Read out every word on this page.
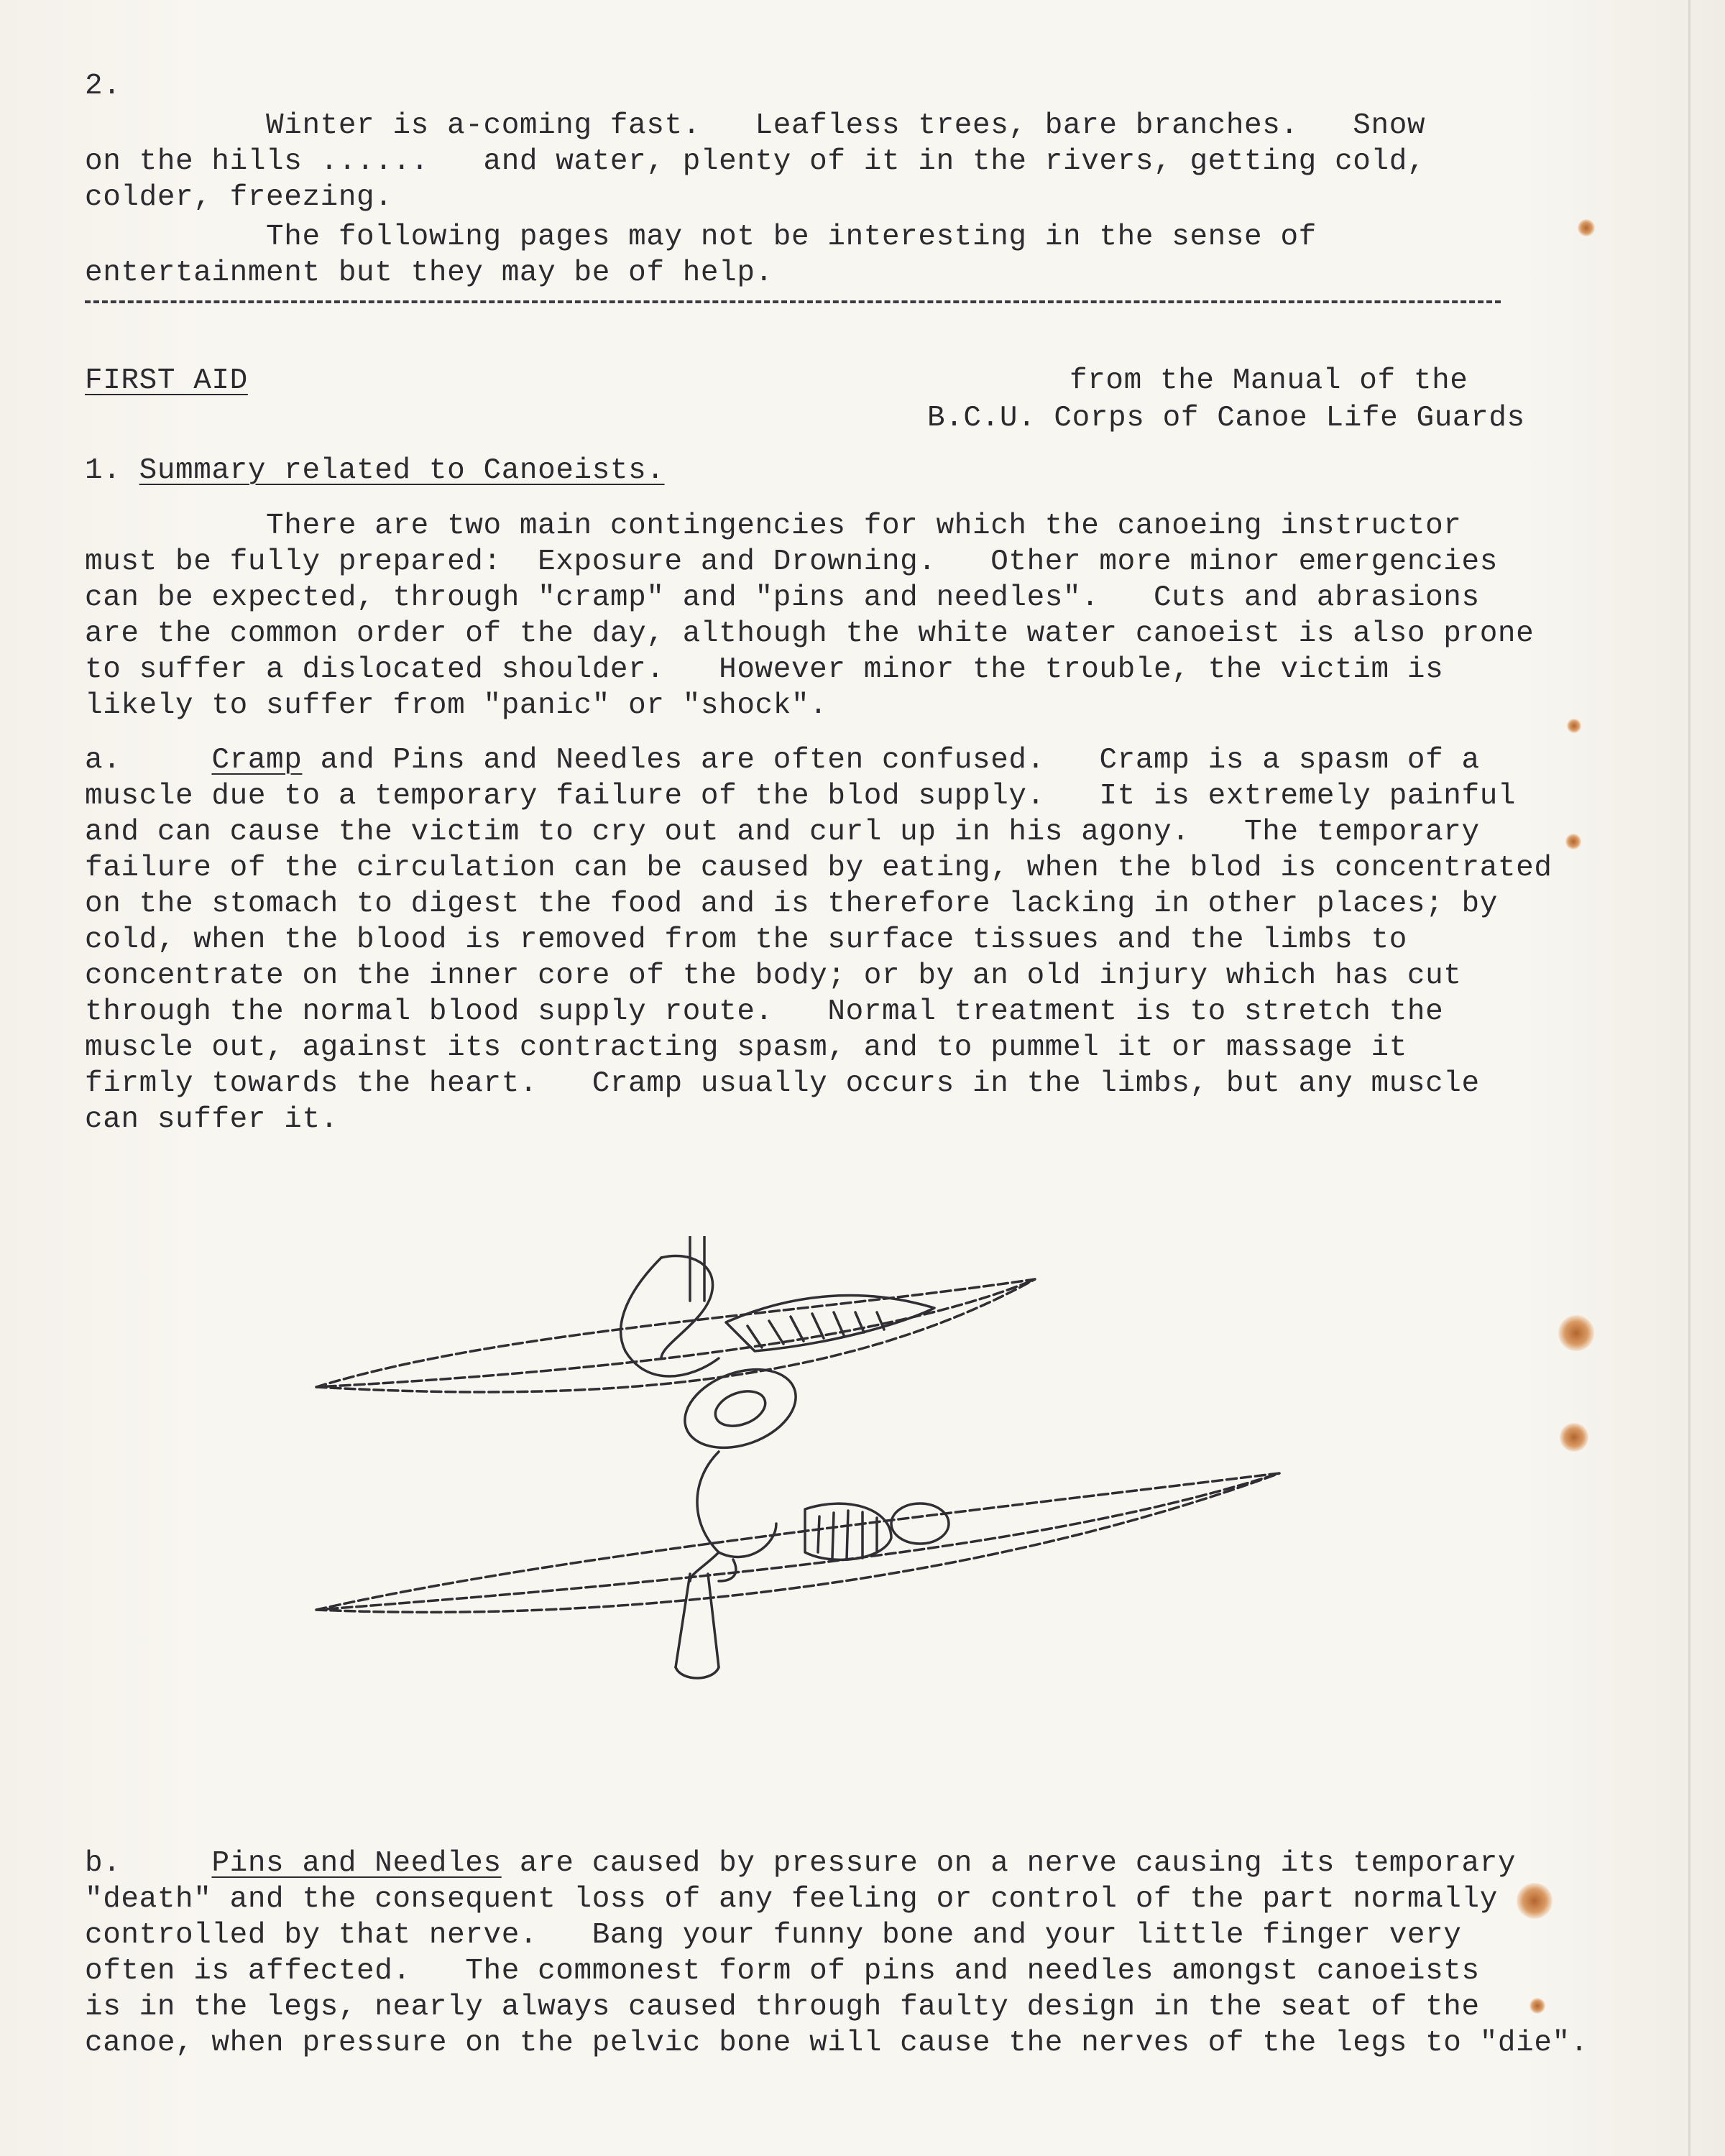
2.
Winter is a-coming fast.   Leafless trees, bare branches.   Snow
on the hills ......   and water, plenty of it in the rivers, getting cold,
colder, freezing.
The following pages may not be interesting in the sense of
entertainment but they may be of help.
FIRST AID	from the Manual of the
B.C.U. Corps of Canoe Life Guards
1. Summary related to Canoeists.
There are two main contingencies for which the canoeing instructor
must be fully prepared:  Exposure and Drowning.   Other more minor emergencies
can be expected, through "cramp" and "pins and needles".   Cuts and abrasions
are the common order of the day, although the white water canoeist is also prone
to suffer a dislocated shoulder.   However minor the trouble, the victim is
likely to suffer from "panic" or "shock".
a.     Cramp and Pins and Needles are often confused.   Cramp is a spasm of a
muscle due to a temporary failure of the blod supply.   It is extremely painful
and can cause the victim to cry out and curl up in his agony.   The temporary
failure of the circulation can be caused by eating, when the blod is concentrated
on the stomach to digest the food and is therefore lacking in other places; by
cold, when the blood is removed from the surface tissues and the limbs to
concentrate on the inner core of the body; or by an old injury which has cut
through the normal blood supply route.   Normal treatment is to stretch the
muscle out, against its contracting spasm, and to pummel it or massage it
firmly towards the heart.   Cramp usually occurs in the limbs, but any muscle
can suffer it.
b.     Pins and Needles are caused by pressure on a nerve causing its temporary
"death" and the consequent loss of any feeling or control of the part normally
controlled by that nerve.   Bang your funny bone and your little finger very
often is affected.   The commonest form of pins and needles amongst canoeists
is in the legs, nearly always caused through faulty design in the seat of the
canoe, when pressure on the pelvic bone will cause the nerves of the legs to "die".
